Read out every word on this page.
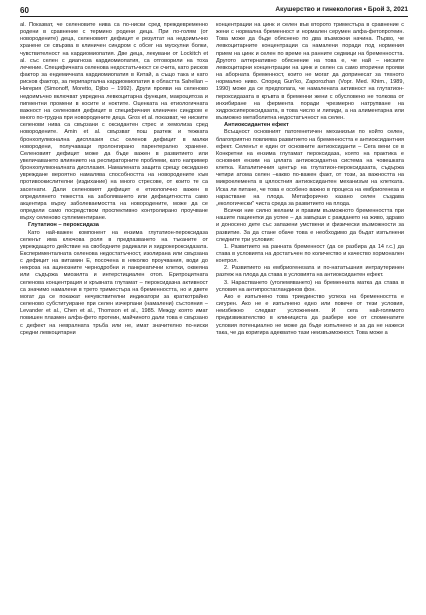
60	Акушерство и гинекология • Брой 3, 2021

al. Показват, че селеновите нива са по-ниски сред преждевременно родени в сравнение с термино родени деца. При по-голям (от новородените) деца, селеновият дефицит е резултат на недоимъчно хранене се свързва в клиничен синдром с обсег на мускулни болки, чувствителност на кардиомиопатия. Две деца, лекувани от Lockitch et al. със селен с диагноза кардиомиопатия, са отговорили на тоха лечение. Специфичната селенова недостатъчност се счита, като рисков фактор за ендемичната кардиомиопатия в Китай, а също така и като рисков фактор, за перипартална кардиомиопатия в областта Sahelian – Нигерия (Simonoff, Moretto, Djibo – 1992). Други прояви на селеново недоимъчно включват увредена левкоцитарна функция, макроцитоза и пигментни промени в косите и ноктите. Оценката на етиологичната важност на селеновия дефицит в специфичния клиничен синдром е много по-трудна при новородените деца. Gros et al. показват, че ниските селенови нива са свързани с оксидантен стрес и хемолиза сред новородените. Amin et al. свързват пош разтеж и тежката бронхопулмонална дисплазия със селенов дефицит в малки новородени, получаващи пролонгирано парентерално хранене. Селеновият дефицит може да бъде важен в развитието или увеличаването влиянието на респираторните проблеми, като например бронхопулмоналната дисплазия. Намалената защита срещу оксидазно увреждане вероятно намалява способността на новородените към противоокислителни (издихание) на много стресове, от които те са засегнати. Дали селеновият дефицит е етиологично важен в определянето тежестта на заболяването или дефицитността само акцентира върху заболеваемостта на новородените, може да се определи само посредством проспективно контролирано проучване върху селеново суплементиране.

Глутатион – пероксидаза

Като най-важен компонент на ензима глутатион-пероксидаза селенът има ключова роля в предпазването на тъканите от увреждащото действие на свободните радикали и хидрокероксидазата. Експерименталната селенова недостатъчност, изолирана или свързана с дефицит на витамин Е, посочена в няколко проучвания, води до некроза на ацинозните чернодробни и панкреатични клетки, оквеяна или съдържа миозилта и интерстициален отоп. Еритроцитната селенова концентрация и кръвната глутамат – пероксидазна активност са значимо намалени в трето триместъра на бременността, но и двете могат да се покажат нечувствителни индикатори за краткотрайно селеново субституиране при селен изчерпани (намалени) състояния – Levander et al., Chen et al., Thomson et al., 1985. Между която имат повишен плазмен алфа-фето протеин, майчиното дали това е свързано с дефект на невралната тръба или не, имат значително по-ниски средни левкоцитарни

концентрации на цинк и селен във второто триместъра в сравнение с жени с нормална бременност и нормален серумен алфа-фетопротеин. Това може да бъде обяснено по два възможни начина. Първо, че левкоцитарните концентрации са намалени поради под нормения прием на цинк и селен по време на ранните седмици на бременността. Другото алтернативно обяснение на това е, че най – ниските левкоцитарни концентрации на цинк и селен са само вторични прояви на аборната бременност, които не могат да допринесат за тяхното нормално ниво. Според Gun'ko, Zaporozhan (Vopr. Med. Khim., 1989, 1990) може да се предполага, че намалената активност на глутатион-пероксидазата в кръвта в бременни жени с обусловено не толкова от инхибиране на ферментa поради чрезмерно натрупване на хидроксипероксидазата, в това число и липиди, а на алиментарна или възможно метаболитна недостатъчност на селен.

Антиоксидантен ефект

Всъщност основният патогенетичен механизъм по който селен, благоприятно повлиява развитието на бременността е антиоксидантния ефект. Селенът е един от основните антиоксиданти – Сега вени се в Конкретни на ензима глутамат пероксидаза, която на практика е основния ензим на цялата антиоксидантна система на човешката клетка. Каталитичния център на глутатион-пероксидазата, съдържа четири атома селен –какво по-важен факт, от този, за важността на микроелемента в цялостния антиоксидантен механизъм на клетката. Иска ли питане, че това е особено важно в процеса на ембриогенеза и нарастване на плода. Метафорично казано селен създава „екологически" чиста среда за развитието на плода.

Всички ние силно желаем и правим възможното бременността при нашите пациентки да успее – да завърши с раждането на живо, здраво и доносено дете със запазени умствени и физически възможности за развитие. За да стане обаче това е необходимо да бъдат изпълнени следните три условия:

1. Развитието на ранната бременност (да се разбира да 14 г.с.) да става в условията на достатъчен по количество и качество хормонален контрол.

2. Развитието на ембриогенезата и по-нататъшния интраутеринен разтеж на плода да става в условията на антиоксидантен ефект.

3. Нарастването (уголемяването) на бременната матка да става в условия на антипростагландинов фон.

Ако е изпълнено това триединство успеха на бременността е сигурен. Ако не е изпълнено едно или повече от тези условия, неизбежно следват усложнения. И сега най-голямото предизвикателство в клиницистa да разбере кое от споменатите условия потенциално не може да бъде изпълнено и за да не нажеси така, че да коригира адекватно тази неизвъзможност. Това може а
